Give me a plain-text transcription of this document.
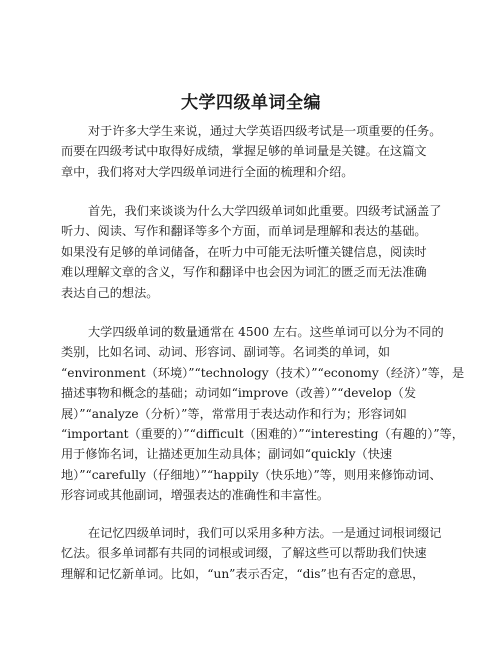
大学四级单词全编
对于许多大学生来说，通过大学英语四级考试是一项重要的任务。
而要在四级考试中取得好成绩，掌握足够的单词量是关键。在这篇文
章中，我们将对大学四级单词进行全面的梳理和介绍。
首先，我们来谈谈为什么大学四级单词如此重要。四级考试涵盖了
听力、阅读、写作和翻译等多个方面，而单词是理解和表达的基础。
如果没有足够的单词储备，在听力中可能无法听懂关键信息，阅读时
难以理解文章的含义，写作和翻译中也会因为词汇的匮乏而无法准确
表达自己的想法。
大学四级单词的数量通常在 4500 左右。这些单词可以分为不同的
类别，比如名词、动词、形容词、副词等。名词类的单词，如
“environment（环境）”“technology（技术）”“economy（经济）”等，是
描述事物和概念的基础；动词如“improve（改善）”“develop（发
展）”“analyze（分析）”等，常常用于表达动作和行为；形容词如
“important（重要的）”“difficult（困难的）”“interesting（有趣的）”等，
用于修饰名词，让描述更加生动具体；副词如“quickly（快速
地）”“carefully（仔细地）”“happily（快乐地）”等，则用来修饰动词、
形容词或其他副词，增强表达的准确性和丰富性。
在记忆四级单词时，我们可以采用多种方法。一是通过词根词缀记
忆法。很多单词都有共同的词根或词缀，了解这些可以帮助我们快速
理解和记忆新单词。比如，“un”表示否定，“dis”也有否定的意思，
